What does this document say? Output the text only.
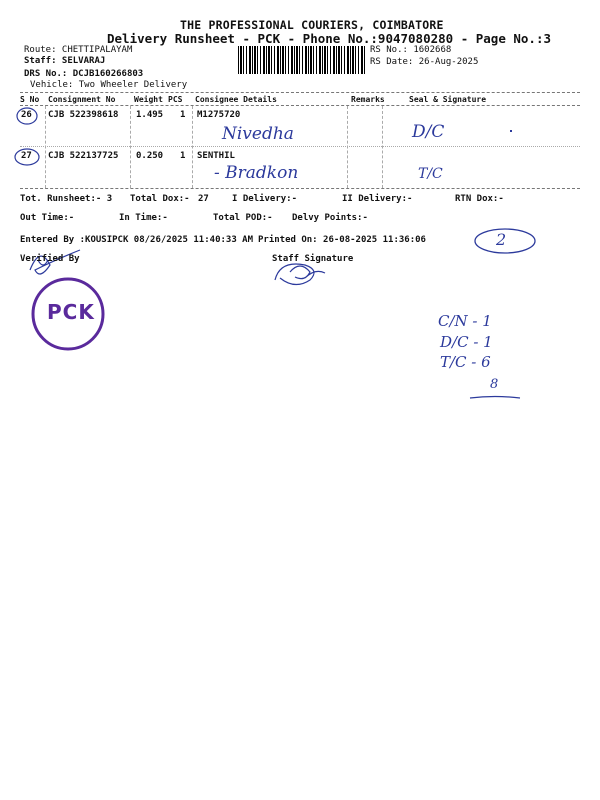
THE PROFESSIONAL COURIERS, COIMBATORE
Delivery Runsheet - PCK - Phone No.:9047080280 - Page No.:3
Route: CHETTIPALAYAM
Staff: SELVARAJ
DRS No.: DCJB160266803
Vehicle: Two Wheeler Delivery
RS No.: 1602668
RS Date: 26-Aug-2025
S No Consignment No Weight PCS Consignee Details	Remarks	Seal & Signature
26 CJB 522398618 1.495 1 M1275720
Nivedha	D/C
27 CJB 522137725 0.250 1 SENTHIL
- Bradkon	T/C
Tot. Runsheet:- 3 Total Dox:- 27	I Delivery:-	II Delivery:-	RTN Dox:-
Out Time:-	In Time:-	Total POD:- Delvy Points:-
Entered By :KOUSIPCK 08/26/2025 11:40:33 AM Printed On: 26-08-2025 11:36:06	2
Verified By	Staff Signature
PCK	C/N - 1
D/C - 1
T/C - 6
8
